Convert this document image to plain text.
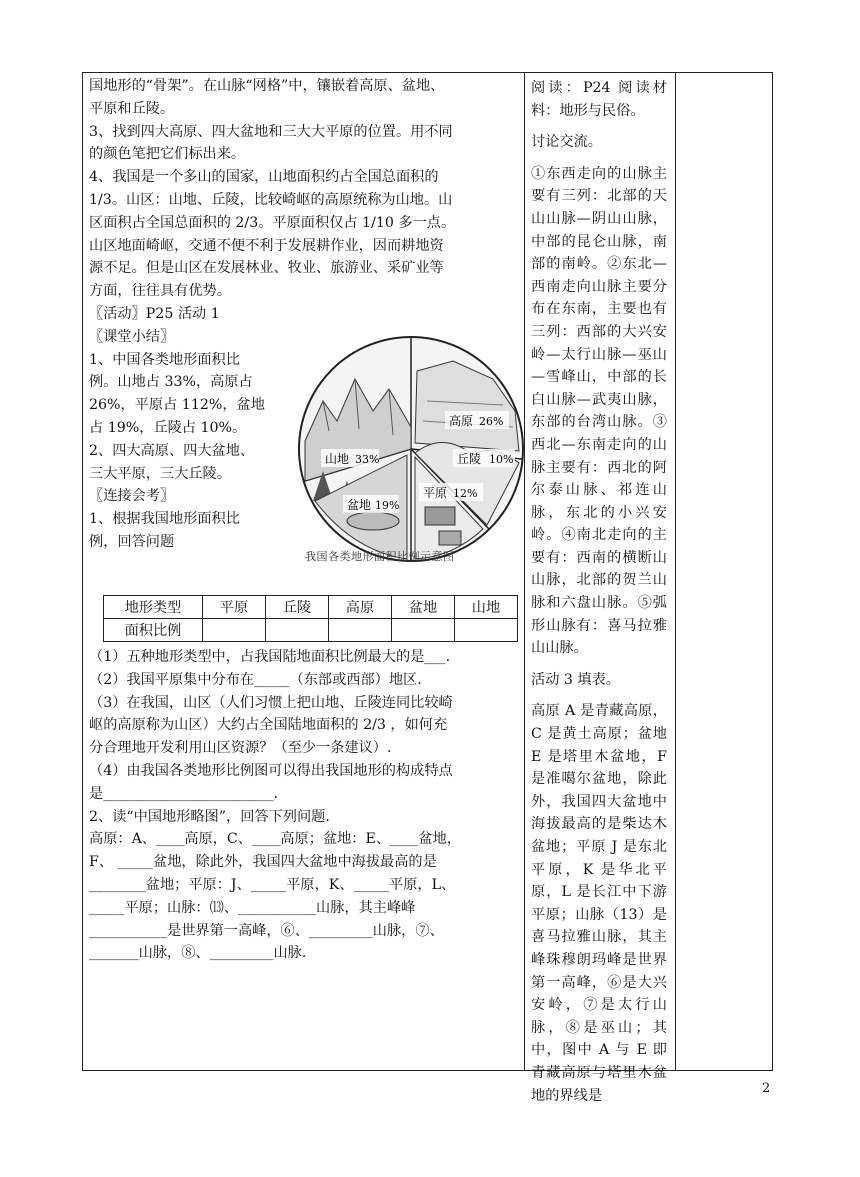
国地形的“骨架”。在山脉“网格”中，镶嵌着高原、盆地、

平原和丘陵。

3、找到四大高原、四大盆地和三大大平原的位置。用不同

的颜色笔把它们标出来。

4、我国是一个多山的国家，山地面积约占全国总面积的

1/3。山区：山地、丘陵，比较崎岖的高原统称为山地。山

区面积占全国总面积的 2/3。平原面积仅占 1/10 多一点。

山区地面崎岖，交通不便不利于发展耕作业，因而耕地资

源不足。但是山区在发展林业、牧业、旅游业、采矿业等

方面，往往具有优势。

〖活动〗P25 活动 1

〖课堂小结〗

1、中国各类地形面积比

例。山地占 33%，高原占

26%，平原占 112%，盆地

占 19%，丘陵占 10%。

2、四大高原、四大盆地、

三大平原，三大丘陵。

〖连接会考〗

1、根据我国地形面积比

例，回答问题

山地 33%
高原 26%
丘陵 10%
盆地 19%
平原 12%
我国各类地形面积比例示意图
地形类型	平原	丘陵	高原	盆地	山地
面积比例					

（1）五种地形类型中，占我国陆地面积比例最大的是___.

（2）我国平原集中分布在_____（东部或西部）地区.

（3）在我国，山区（人们习惯上把山地、丘陵连同比较崎

岖的高原称为山区）大约占全国陆地面积的 2/3 ，如何充

分合理地开发利用山区资源？（至少一条建议）.

（4）由我国各类地形比例图可以得出我国地形的构成特点

是________________________.

2、读“中国地形略图”，回答下列问题.

高原：A、____高原，C、____高原；盆地：E、____盆地，

F、 _____盆地，除此外，我国四大盆地中海拔最高的是

________盆地；平原：J、_____平原，K、_____平原，L、

_____平原；山脉：⒀、___________山脉，其主峰峰

___________是世界第一高峰，⑥、_________山脉，⑦、

_______山脉，⑧、_________山脉.

阅读：P24 阅读材料：地形与民俗。

讨论交流。

①东西走向的山脉主要有三列：北部的天山山脉—阴山山脉，中部的昆仑山脉，南部的南岭。②东北—西南走向山脉主要分布在东南，主要也有三列：西部的大兴安岭—太行山脉—巫山—雪峰山，中部的长白山脉—武夷山脉，东部的台湾山脉。③西北—东南走向的山脉主要有：西北的阿尔泰山脉、祁连山脉，东北的小兴安岭。④南北走向的主要有：西南的横断山山脉，北部的贺兰山脉和六盘山脉。⑤弧形山脉有：喜马拉雅山山脉。

活动 3 填表。

高原 A 是青藏高原，C 是黄土高原；盆地 E 是塔里木盆地，F 是准噶尔盆地，除此外，我国四大盆地中海拔最高的是柴达木盆地；平原 J 是东北平原，K 是华北平原，L 是长江中下游平原；山脉（13）是喜马拉雅山脉，其主峰珠穆朗玛峰是世界第一高峰，⑥是大兴安岭，⑦是太行山脉，⑧是巫山；其中，图中 A 与 E 即青藏高原与塔里木盆地的界线是	2
